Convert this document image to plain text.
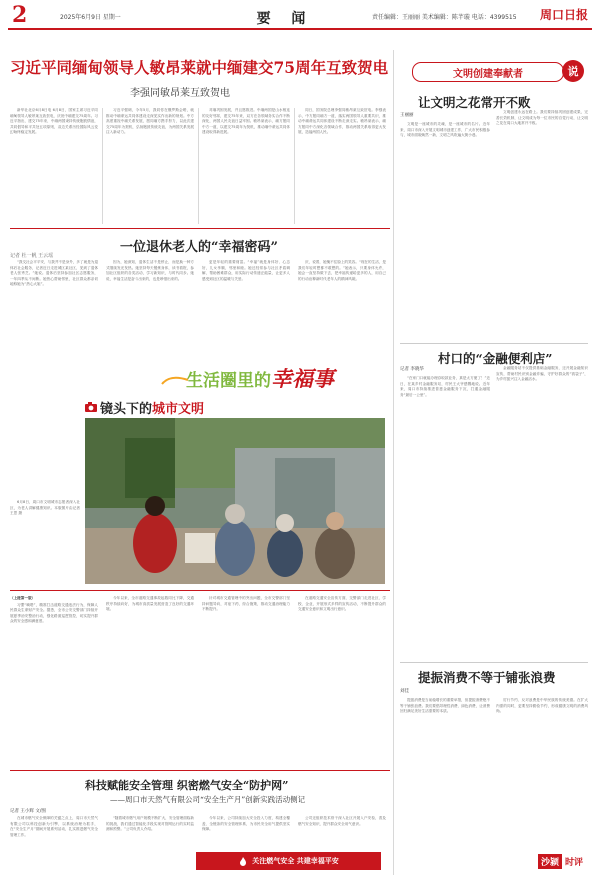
2	2025年6月9日 星期一	要 闻	责任编辑：王丽丽 美术编辑：陈芊璇 电话：4399515 周口日报
习近平同缅甸领导人敏昂莱就中缅建交75周年互致贺电
李强同敏昂莱互致贺电

新华社北京6月8日电 6月8日，国家主席习近平同缅甸领导人敏昂莱互致贺电，庆祝中缅建交75周年。习近平指出，建交75年来，中缅两国秉持传统胞波情谊，共同倡导和平共处五项原则，双边关系历经国际风云变幻始终稳定发展。

习近平强调，今年5月，我同你在俄罗斯会晤，就推动中缅命运共同体建设走深见实作出新的规划。中方高度重视中缅关系发展，愿同缅方携手努力，以此次建交75周年为契机，弘扬胞波传统友谊，为两国关系发展注入新动力。

对缅巩固发展，并且愿推进。中缅两国是山水相连的友好邻邦，建交75年来，双方在各领域务实合作不断深化，两国人民友谊日益牢固。敏昂莱表示，缅方愿同中方一道，以建交75周年为契机，推动缅中命运共同体建设取得新进展。

同日，国务院总理李强同敏昂莱互致贺电。李强表示，中方愿同缅方一道，落实两国领导人重要共识，推动中缅命运共同体建设不断走深走实。敏昂莱表示，缅方愿同中方深化各领域合作，推动两国关系取得更大发展，造福两国人民。

一位退休老人的“幸福密码”
记者 杜一帆 王云瑶

“我交社会平平安，与我并不是身外，多了就是为退休后社会服务，记者近日走进城区某社区，见到了退休老人张秀芝。”她说。退休后坚持参加社区志愿服务，一年四季从不间断。她热心帮助邻里，社区群众都亲切地称她为“热心大姐”。

因为，她深知，退休生活不是停止，而是换一种方式继续发光发热。她坚持每天锻炼身体，读书看报，参加社区组织的各类活动，学习新知识，与时代同步。她说，幸福生活是奋斗出来的，也是珍惜出来的。

更是年轻的重要财富。“幸福”就是身体好、心态好，儿女孝顺，邻里和睦。她还经常参与社区矛盾调解，帮助困难群众，用实际行动传递正能量，让更多人感受到社区的温暖与关爱。

庆，说着，她掩不住脸上的笑容。“现在的生活，是我们年轻时想都不敢想的。”她表示，只要身体允许，她会一直坚持做下去，把幸福传递给更多的人，用自己的行动诠释新时代老年人的精神风貌。

生活圈里的幸福事
镜头下的城市文明

6月8日，周口市文明城市志愿者深入社区，为老人讲解健康知识。本版图片由记者 王思 摄

（上接第一版）

习惯“嘀嗒”，精准打击道路交通违法行为，保障人民群众生命财产安全。据悉，全市公安交警部门持续开展夏季治安整治行动，强化路面巡逻管控，切实提升群众的安全感和满意度。

今年以来，全市道路交通事故起数同比下降，交通秩序持续向好，为城市高质量发展营造了良好的交通环境。

针对城市交通管理中的突出问题，全市交警部门坚持问题导向，对症下药，综合施策，推动交通治理能力不断提升。

在道路交通安全宣传方面，交警部门走进社区、学校、企业，开展形式多样的宣传活动，不断提升群众的交通安全意识和文明出行意识。

科技赋能安全管理 织密燃气安全“防护网”
——周口市天然气有限公司“安全生产月”创新实践活动侧记
记者 王小辉 文/图

在城市燃气安全保障的关键之点上，周口市天然气有限公司以科技创新为引擎，以系统治理为抓手，在“安全生产月”期间开展系列活动，扎实推进燃气安全管理工作。

“随着城市燃气用户规模不断扩大，安全管理面临新的挑战，我们通过智能化手段实现对管网运行的实时监测和预警。”公司负责人介绍。

今年以来，公司持续加大安全投入力度，构建全覆盖、全链条的安全管理体系，为市民安全用气提供坚实保障。

公司还组织技术骨干深入社区开展入户安检，普及燃气安全知识，提升群众安全用气意识。

关注燃气安全 共建幸福平安
文明创建奉献者	说
让文明之花常开不败
王丽丽

文明是一座城市的灵魂，是一座城市的名片。近年来，周口市深入开展文明城市创建工作，广大市民积极参与，城市面貌焕然一新，文明之风吹遍大街小巷。

文明创建永远在路上。我们要持续巩固创建成果，完善长效机制，让文明成为每一位市民的自觉行动，让文明之花在周口大地常开不败。

村口的“金融便利店”
记者 李晓华

“在家门口就能办理存取款业务，真是太方便了！”近日，在某乡村金融服务站，村民王大爷感慨地说。近年来，周口市持续推进普惠金融服务下沉，打通金融服务“最后一公里”。

金融服务站不仅提供基础金融服务，还开展金融知识宣传，帮助村民识别金融诈骗，守护好群众的“钱袋子”，为乡村振兴注入金融活水。

提振消费不等于铺张浪费
刘佳

提振消费是当前稳增长的重要举措，但提振消费绝不等于铺张浪费。我们要倡导理性消费、绿色消费，让消费回归满足美好生活需要的本质。

厉行节约、反对浪费是中华民族的传统美德。在扩大内需的同时，更要坚持勤俭节约，形成健康文明的消费风尚。

沙颍 时评
